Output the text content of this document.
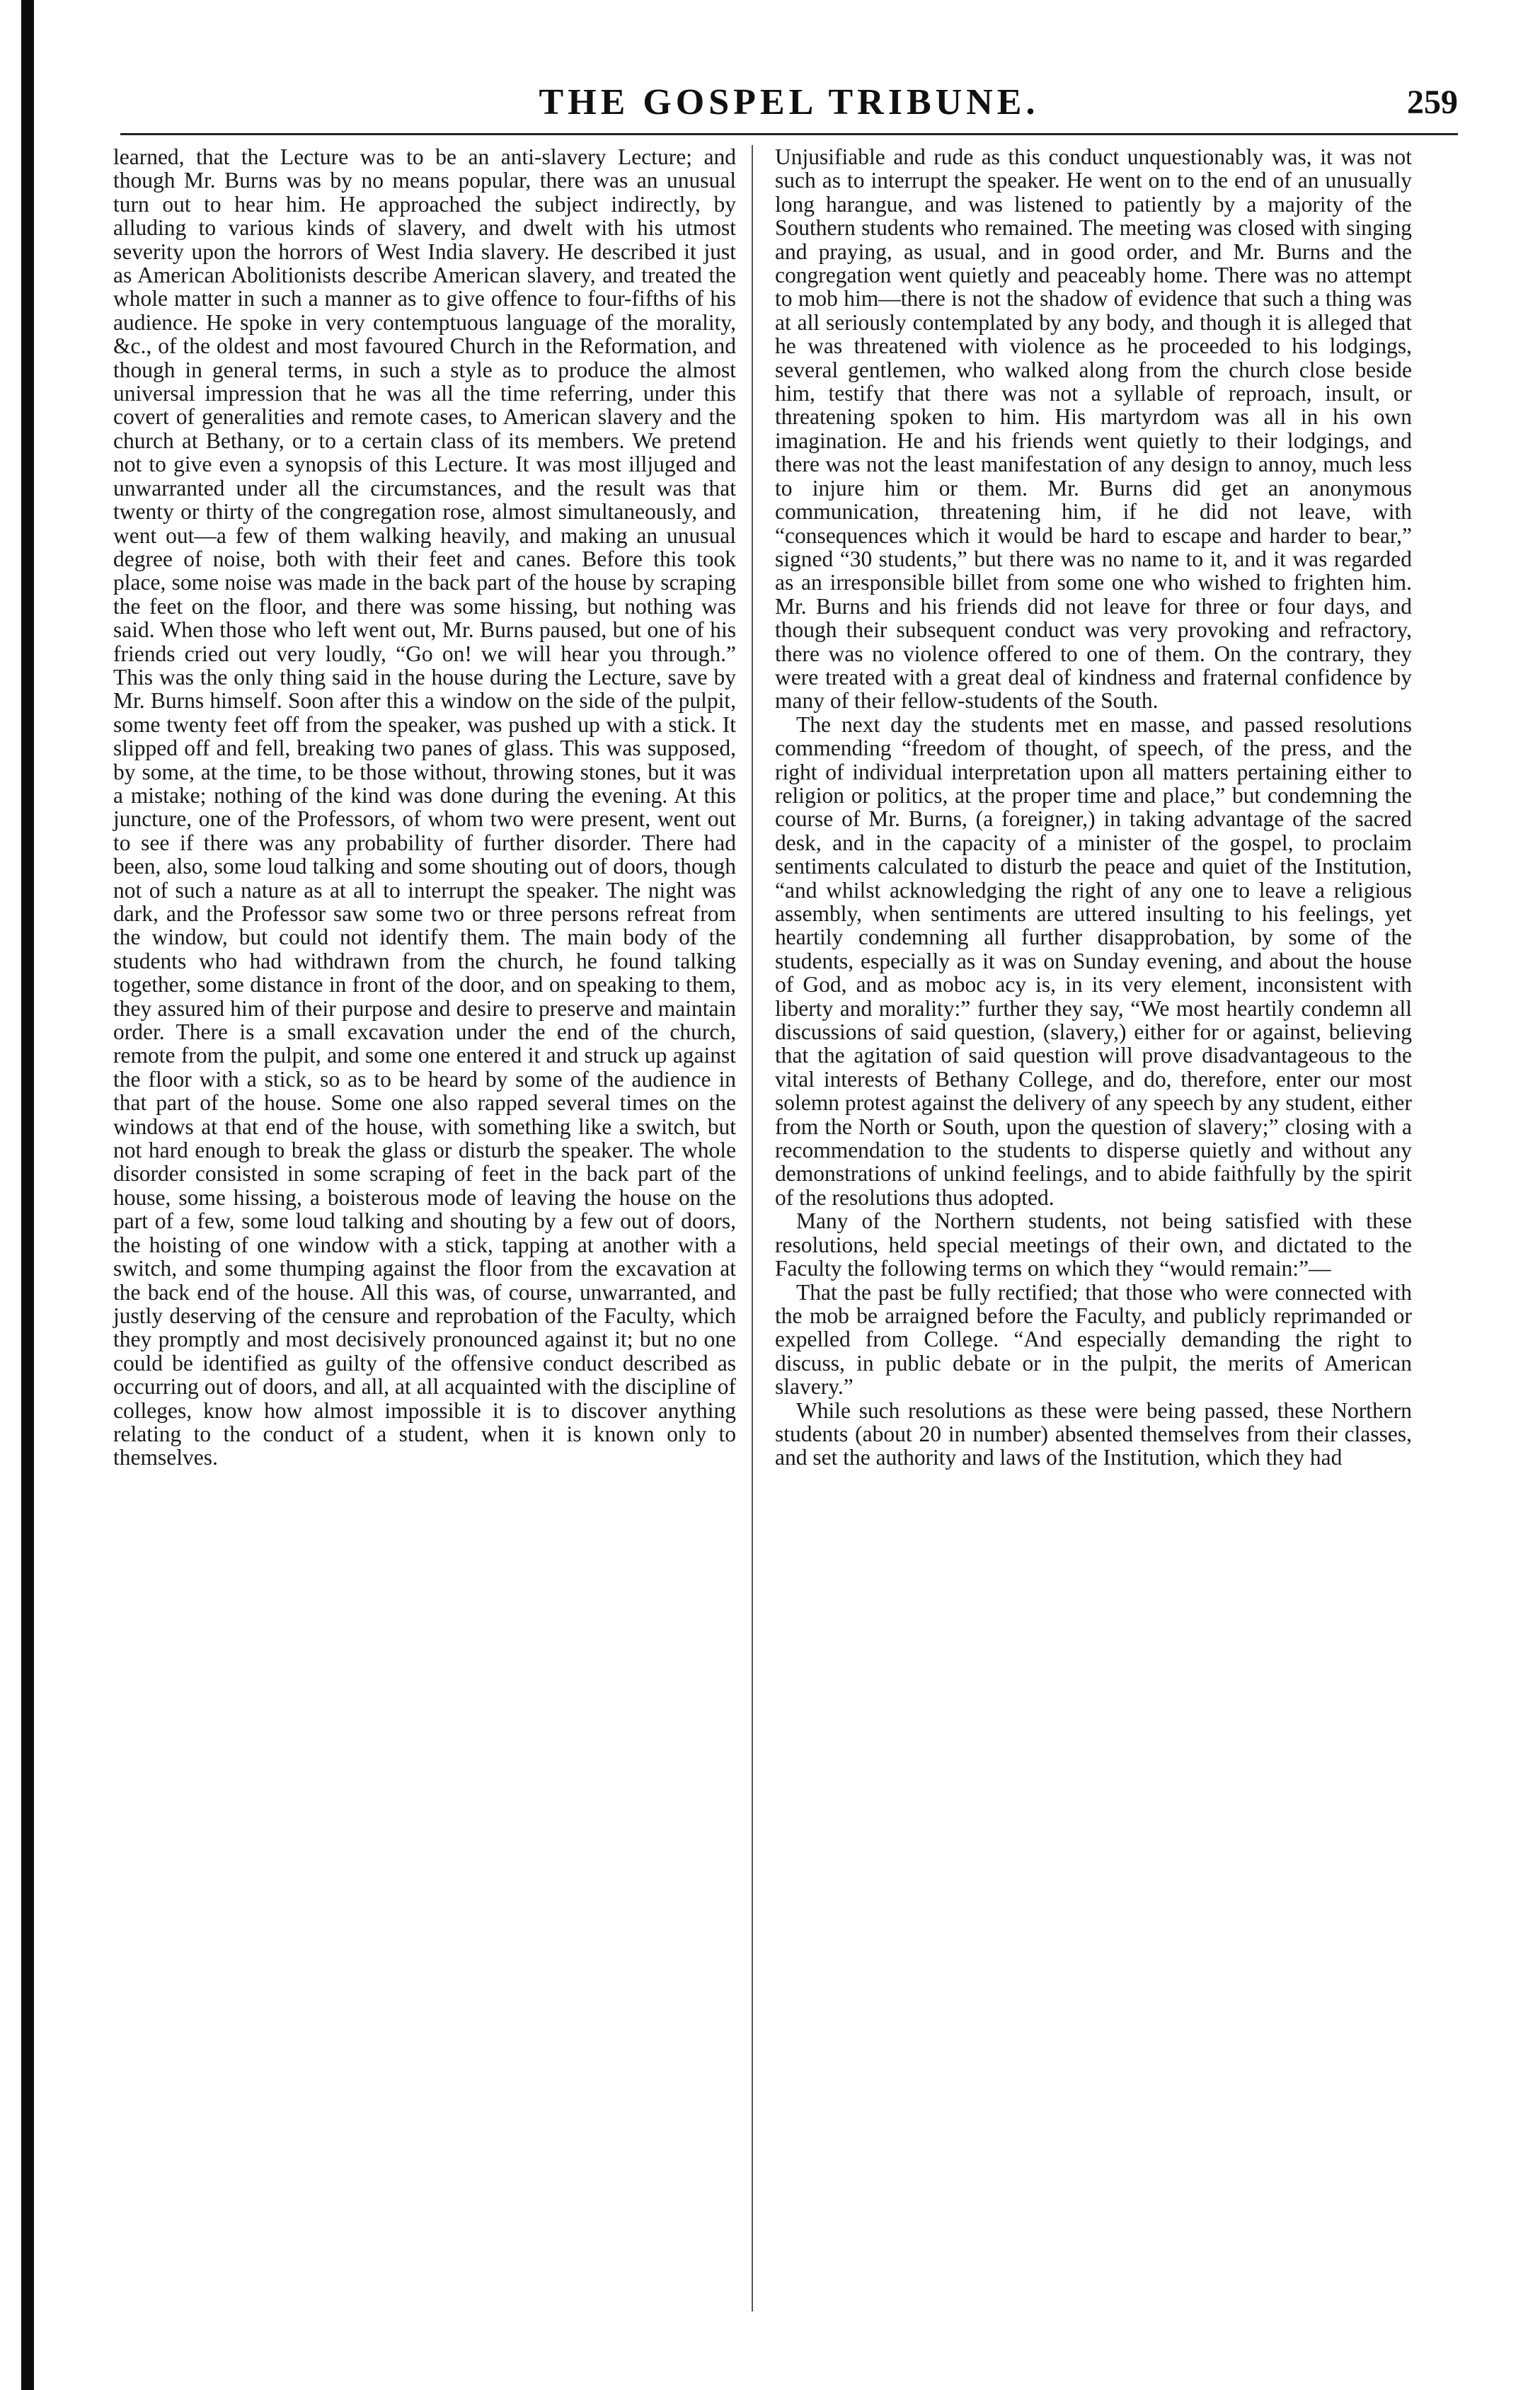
THE GOSPEL TRIBUNE.	259

learned, that the Lecture was to be an anti-slavery Lecture; and though Mr. Burns was by no means popular, there was an unusual turn out to hear him. He approached the subject indirectly, by alluding to various kinds of slavery, and dwelt with his utmost severity upon the horrors of West India slavery. He described it just as American Abolitionists describe American slavery, and treated the whole matter in such a manner as to give offence to four-fifths of his audience. He spoke in very contemptuous language of the morality, &c., of the oldest and most favoured Church in the Reformation, and though in general terms, in such a style as to produce the almost universal impression that he was all the time referring, under this covert of generalities and remote cases, to American slavery and the church at Bethany, or to a certain class of its members. We pretend not to give even a synopsis of this Lecture. It was most illjuged and unwarranted under all the circumstances, and the result was that twenty or thirty of the congregation rose, almost simultaneously, and went out—a few of them walking heavily, and making an unusual degree of noise, both with their feet and canes. Before this took place, some noise was made in the back part of the house by scraping the feet on the floor, and there was some hissing, but nothing was said. When those who left went out, Mr. Burns paused, but one of his friends cried out very loudly, “Go on! we will hear you through.” This was the only thing said in the house during the Lecture, save by Mr. Burns himself. Soon after this a window on the side of the pulpit, some twenty feet off from the speaker, was pushed up with a stick. It slipped off and fell, breaking two panes of glass. This was supposed, by some, at the time, to be those without, throwing stones, but it was a mistake; nothing of the kind was done during the evening. At this juncture, one of the Professors, of whom two were present, went out to see if there was any probability of further disorder. There had been, also, some loud talking and some shouting out of doors, though not of such a nature as at all to interrupt the speaker. The night was dark, and the Professor saw some two or three persons refreat from the window, but could not identify them. The main body of the students who had withdrawn from the church, he found talking together, some distance in front of the door, and on speaking to them, they assured him of their purpose and desire to preserve and maintain order. There is a small excavation under the end of the church, remote from the pulpit, and some one entered it and struck up against the floor with a stick, so as to be heard by some of the audience in that part of the house. Some one also rapped several times on the windows at that end of the house, with something like a switch, but not hard enough to break the glass or disturb the speaker. The whole disorder consisted in some scraping of feet in the back part of the house, some hissing, a boisterous mode of leaving the house on the part of a few, some loud talking and shouting by a few out of doors, the hoisting of one window with a stick, tapping at another with a switch, and some thumping against the floor from the excavation at the back end of the house. All this was, of course, unwarranted, and justly deserving of the censure and reprobation of the Faculty, which they promptly and most decisively pronounced against it; but no one could be identified as guilty of the offensive conduct described as occurring out of doors, and all, at all acquainted with the discipline of colleges, know how almost impossible it is to discover anything relating to the conduct of a student, when it is known only to themselves.

Unjusifiable and rude as this conduct unquestionably was, it was not such as to interrupt the speaker. He went on to the end of an unusually long harangue, and was listened to patiently by a majority of the Southern students who remained. The meeting was closed with singing and praying, as usual, and in good order, and Mr. Burns and the congregation went quietly and peaceably home. There was no attempt to mob him—there is not the shadow of evidence that such a thing was at all seriously contemplated by any body, and though it is alleged that he was threatened with violence as he proceeded to his lodgings, several gentlemen, who walked along from the church close beside him, testify that there was not a syllable of reproach, insult, or threatening spoken to him. His martyrdom was all in his own imagination. He and his friends went quietly to their lodgings, and there was not the least manifestation of any design to annoy, much less to injure him or them. Mr. Burns did get an anonymous communication, threatening him, if he did not leave, with “consequences which it would be hard to escape and harder to bear,” signed “30 students,” but there was no name to it, and it was regarded as an irresponsible billet from some one who wished to frighten him. Mr. Burns and his friends did not leave for three or four days, and though their subsequent conduct was very provoking and refractory, there was no violence offered to one of them. On the contrary, they were treated with a great deal of kindness and fraternal confidence by many of their fellow-students of the South.

The next day the students met en masse, and passed resolutions commending “freedom of thought, of speech, of the press, and the right of individual interpretation upon all matters pertaining either to religion or politics, at the proper time and place,” but condemning the course of Mr. Burns, (a foreigner,) in taking advantage of the sacred desk, and in the capacity of a minister of the gospel, to proclaim sentiments calculated to disturb the peace and quiet of the Institution, “and whilst acknowledging the right of any one to leave a religious assembly, when sentiments are uttered insulting to his feelings, yet heartily condemning all further disapprobation, by some of the students, especially as it was on Sunday evening, and about the house of God, and as moboc acy is, in its very element, inconsistent with liberty and morality:” further they say, “We most heartily condemn all discussions of said question, (slavery,) either for or against, believing that the agitation of said question will prove disadvantageous to the vital interests of Bethany College, and do, therefore, enter our most solemn protest against the delivery of any speech by any student, either from the North or South, upon the question of slavery;” closing with a recommendation to the students to disperse quietly and without any demonstrations of unkind feelings, and to abide faithfully by the spirit of the resolutions thus adopted.

Many of the Northern students, not being satisfied with these resolutions, held special meetings of their own, and dictated to the Faculty the following terms on which they “would remain:”—

That the past be fully rectified; that those who were connected with the mob be arraigned before the Faculty, and publicly reprimanded or expelled from College. “And especially demanding the right to discuss, in public debate or in the pulpit, the merits of American slavery.”

While such resolutions as these were being passed, these Northern students (about 20 in number) absented themselves from their classes, and set the authority and laws of the Institution, which they had
